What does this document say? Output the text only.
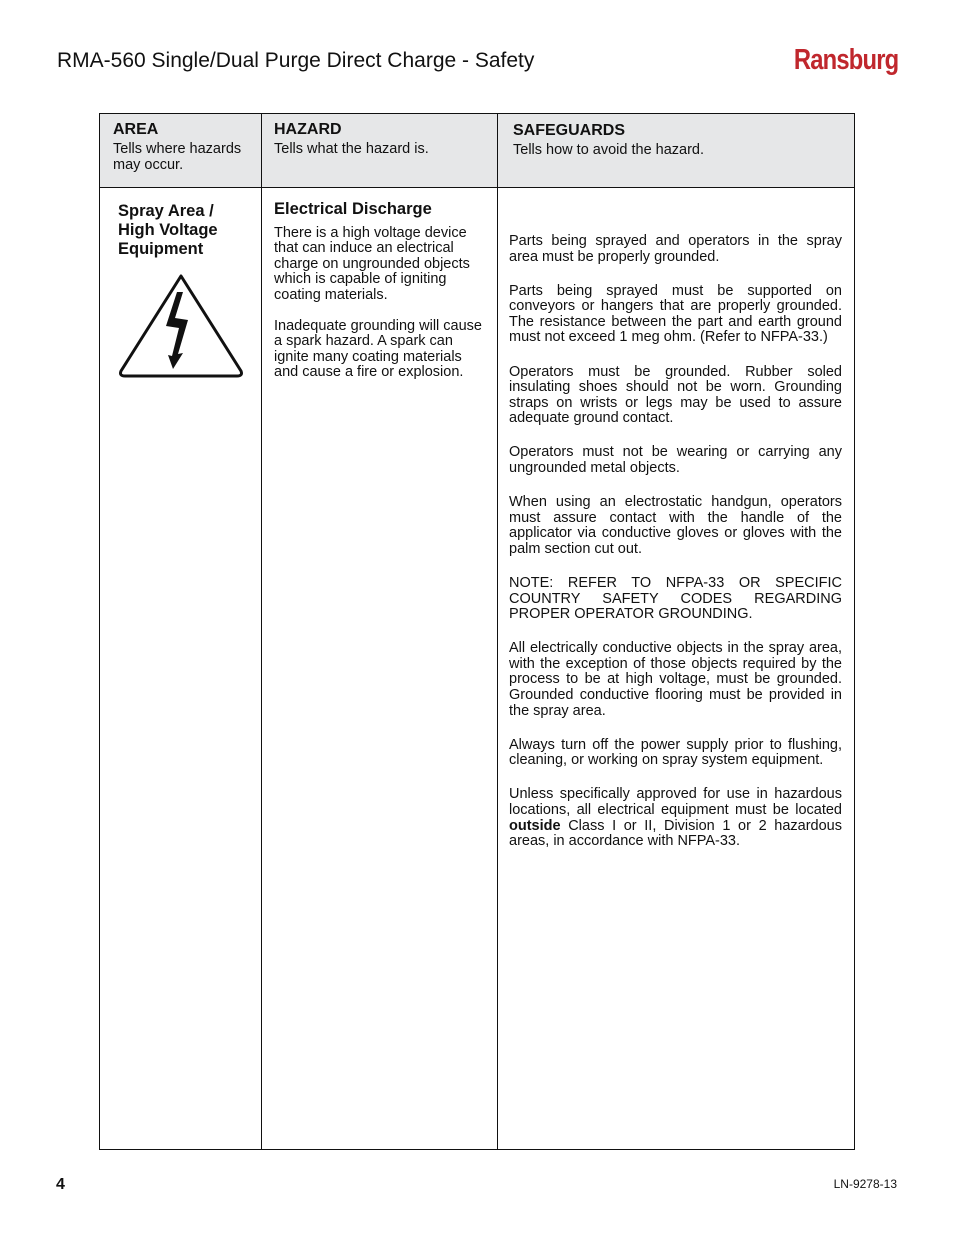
RMA-560 Single/Dual Purge Direct Charge - Safety	Ransburg
AREA
Tells where hazards may occur.
HAZARD
Tells what the hazard is.
SAFEGUARDS
Tells how to avoid the hazard.
Spray Area / High Voltage Equipment
Electrical Discharge

There is a high voltage device that can induce an electrical charge on ungrounded objects which is capable of igniting coating materials.

Inadequate grounding will cause a spark hazard. A spark can ignite many coating materials and cause a fire or explosion.

Parts being sprayed and operators in the spray area must be properly grounded.

Parts being sprayed must be supported on conveyors or hangers that are properly grounded. The resistance between the part and earth ground must not exceed 1 meg ohm. (Refer to NFPA-33.)

Operators must be grounded. Rubber soled insulating shoes should not be worn. Grounding straps on wrists or legs may be used to assure adequate ground contact.

Operators must not be wearing or carrying any ungrounded metal objects.

When using an electrostatic handgun, operators must assure contact with the handle of the applicator via conductive gloves or gloves with the palm section cut out.

NOTE: REFER TO NFPA-33 OR SPECIFIC COUNTRY SAFETY CODES REGARDING PROPER OPERATOR GROUNDING.

All electrically conductive objects in the spray area, with the exception of those objects required by the process to be at high voltage, must be grounded. Grounded conductive flooring must be provided in the spray area.

Always turn off the power supply prior to flushing, cleaning, or working on spray system equipment.

Unless specifically approved for use in hazardous locations, all electrical equipment must be located outside Class I or II, Division 1 or 2 hazardous areas, in accordance with NFPA-33.

4	LN-9278-13
